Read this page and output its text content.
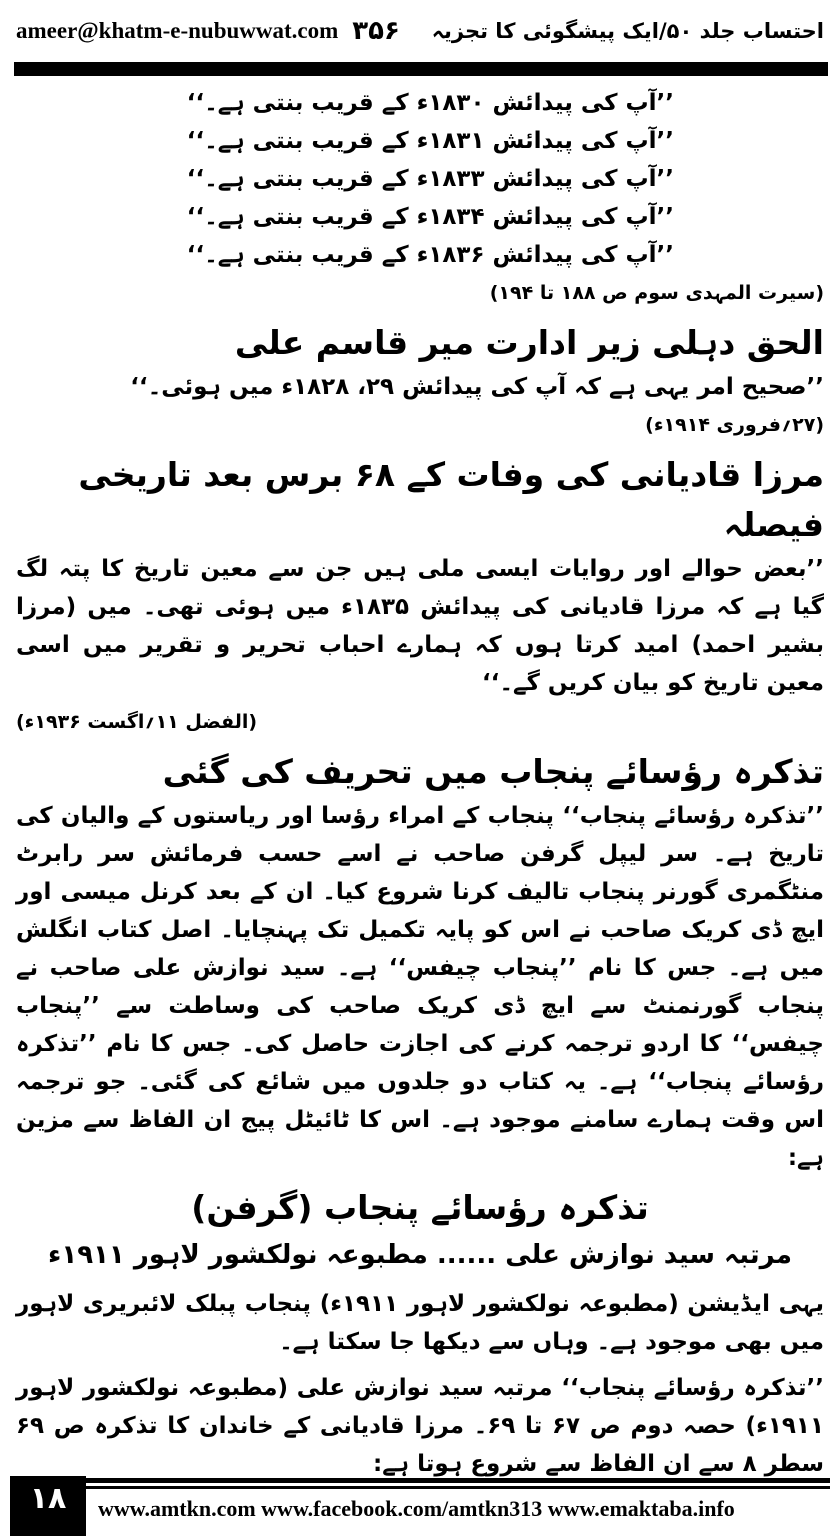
ameer@khatm-e-nubuwwat.com ۳۵۶ احتساب جلد ۵۰/ایک پیشگوئی کا تجزیہ
’’آپ کی پیدائش ۱۸۳۰ء کے قریب بنتی ہے۔‘‘
’’آپ کی پیدائش ۱۸۳۱ء کے قریب بنتی ہے۔‘‘
’’آپ کی پیدائش ۱۸۳۳ء کے قریب بنتی ہے۔‘‘
’’آپ کی پیدائش ۱۸۳۴ء کے قریب بنتی ہے۔‘‘
’’آپ کی پیدائش ۱۸۳۶ء کے قریب بنتی ہے۔‘‘
(سیرت المہدی سوم ص ۱۸۸ تا ۱۹۴)
الحق دہلی زیر ادارت میر قاسم علی
’’صحیح امر یہی ہے کہ آپ کی پیدائش ۲۹، ۱۸۲۸ء میں ہوئی۔‘‘
(۲۷؍فروری ۱۹۱۴ء)
مرزا قادیانی کی وفات کے ۶۸ برس بعد تاریخی فیصلہ
’’بعض حوالے اور روایات ایسی ملی ہیں جن سے معین تاریخ کا پتہ لگ گیا ہے کہ مرزا قادیانی کی پیدائش ۱۸۳۵ء میں ہوئی تھی۔ میں (مرزا بشیر احمد) امید کرتا ہوں کہ ہمارے احباب تحریر و تقریر میں اسی معین تاریخ کو بیان کریں گے۔‘‘
(الفضل ۱۱؍اگست ۱۹۳۶ء)
تذکرہ رؤسائے پنجاب میں تحریف کی گئی
’’تذکرہ رؤسائے پنجاب‘‘ پنجاب کے امراء رؤسا اور ریاستوں کے والیان کی تاریخ ہے۔ سر لیپل گرفن صاحب نے اسے حسب فرمائش سر رابرٹ منٹگمری گورنر پنجاب تالیف کرنا شروع کیا۔ ان کے بعد کرنل میسی اور ایچ ڈی کریک صاحب نے اس کو پایہ تکمیل تک پہنچایا۔ اصل کتاب انگلش میں ہے۔ جس کا نام ’’پنجاب چیفس‘‘ ہے۔ سید نوازش علی صاحب نے پنجاب گورنمنٹ سے ایچ ڈی کریک صاحب کی وساطت سے ’’پنجاب چیفس‘‘ کا اردو ترجمہ کرنے کی اجازت حاصل کی۔ جس کا نام ’’تذکرہ رؤسائے پنجاب‘‘ ہے۔ یہ کتاب دو جلدوں میں شائع کی گئی۔ جو ترجمہ اس وقت ہمارے سامنے موجود ہے۔ اس کا ٹائیٹل پیج ان الفاظ سے مزین ہے:
تذکرہ رؤسائے پنجاب (گرفن)
مرتبہ سید نوازش علی ...... مطبوعہ نولکشور لاہور ۱۹۱۱ء
یہی ایڈیشن (مطبوعہ نولکشور لاہور ۱۹۱۱ء) پنجاب پبلک لائبریری لاہور میں بھی موجود ہے۔ وہاں سے دیکھا جا سکتا ہے۔
’’تذکرہ رؤسائے پنجاب‘‘ مرتبہ سید نوازش علی (مطبوعہ نولکشور لاہور ۱۹۱۱ء) حصہ دوم ص ۶۷ تا ۶۹۔ مرزا قادیانی کے خاندان کا تذکرہ ص ۶۹ سطر ۸ سے ان الفاظ سے شروع ہوتا ہے:
۱۸	www.amtkn.com www.facebook.com/amtkn313 www.emaktaba.info
